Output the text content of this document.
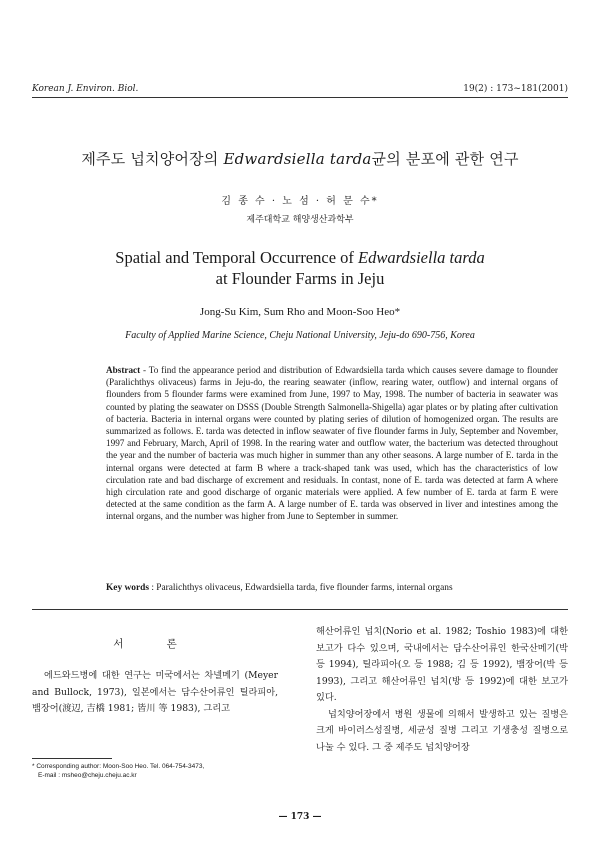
Korean J. Environ. Biol.	19(2) : 173~181(2001)
제주도 넙치양어장의 Edwardsiella tarda균의 분포에 관한 연구
김 종 수 · 노 섬 · 허 문 수*
제주대학교 해양생산과학부
Spatial and Temporal Occurrence of Edwardsiella tarda
at Flounder Farms in Jeju
Jong-Su Kim, Sum Rho and Moon-Soo Heo*
Faculty of Applied Marine Science, Cheju National University, Jeju-do 690-756, Korea
Abstract - To find the appearance period and distribution of Edwardsiella tarda which causes severe damage to flounder (Paralichthys olivaceus) farms in Jeju-do, the rearing seawater (inflow, rearing water, outflow) and internal organs of flounders from 5 flounder farms were examined from June, 1997 to May, 1998. The number of bacteria in seawater was counted by plating the seawater on DSSS (Double Strength Salmonella-Shigella) agar plates or by plating after cultivation of bacteria. Bacteria in internal organs were counted by plating series of dilution of homogenized organ. The results are summarized as follows. E. tarda was detected in inflow seawater of five flounder farms in July, September and November, 1997 and February, March, April of 1998. In the rearing water and outflow water, the bacterium was detected throughout the year and the number of bacteria was much higher in summer than any other seasons. A large number of E. tarda in the internal organs were detected at farm B where a track-shaped tank was used, which has the characteristics of low circulation rate and bad discharge of excrement and residuals. In contast, none of E. tarda was detected at farm A where high circulation rate and good discharge of organic materials were applied. A few number of E. tarda at farm E were detected at the same condition as the farm A. A large number of E. tarda was observed in liver and intestines among the internal organs, and the number was higher from June to September in summer.
Key words : Paralichthys olivaceus, Edwardsiella tarda, five flounder farms, internal organs
서 론

에드와드병에 대한 연구는 미국에서는 차넬메기 (Meyer and Bullock, 1973), 일본에서는 담수산어류인 틸라피아, 뱀장어(渡辺, 吉橋 1981; 皆川 等 1983), 그리고

해산어류인 넙치(Norio et al. 1982; Toshio 1983)에 대한 보고가 다수 있으며, 국내에서는 담수산어류인 한국산메기(박 등 1994), 틸라피아(오 등 1988; 김 등 1992), 뱀장어(박 등 1993), 그리고 해산어류인 넙치(방 등 1992)에 대한 보고가 있다.

넙치양어장에서 병원 생물에 의해서 발생하고 있는 질병은 크게 바이러스성질병, 세균성 질병 그리고 기생충성 질병으로 나눌 수 있다. 그 중 제주도 넙치양어장

* Corresponding author: Moon-Soo Heo. Tel. 064-754-3473,
E-mail : msheo@cheju.cheju.ac.kr
— 173 —
